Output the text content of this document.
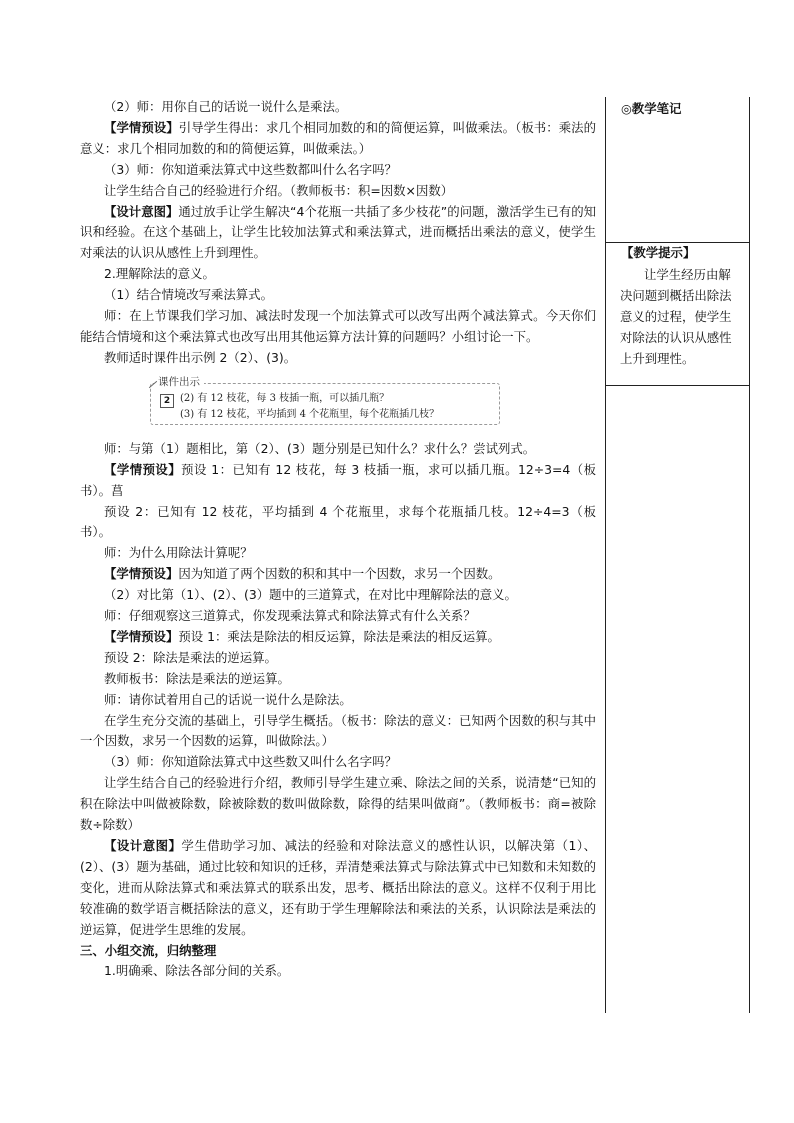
◎教学笔记
【教学提示】

让学生经历由解决问题到概括出除法意义的过程，使学生对除法的认识从感性上升到理性。

（2）师：用你自己的话说一说什么是乘法。

【学情预设】引导学生得出：求几个相同加数的和的简便运算，叫做乘法。（板书：乘法的意义：求几个相同加数的和的简便运算，叫做乘法。）

（3）师：你知道乘法算式中这些数都叫什么名字吗？

让学生结合自己的经验进行介绍。（教师板书：积=因数×因数）

【设计意图】通过放手让学生解决“4个花瓶一共插了多少枝花”的问题，激活学生已有的知识和经验。在这个基础上，让学生比较加法算式和乘法算式，进而概括出乘法的意义，使学生对乘法的认识从感性上升到理性。

2.理解除法的意义。

（1）结合情境改写乘法算式。

师：在上节课我们学习加、减法时发现一个加法算式可以改写出两个减法算式。今天你们能结合情境和这个乘法算式也改写出用其他运算方法计算的问题吗？小组讨论一下。

教师适时课件出示例 2（2）、(3)。

课件出示
2 (2) 有 12 枝花，每 3 枝插一瓶，可以插几瓶？
(3) 有 12 枝花，平均插到 4 个花瓶里，每个花瓶插几枝？

师：与第（1）题相比，第（2）、(3）题分别是已知什么？求什么？尝试列式。

【学情预设】预设 1：已知有 12 枝花，每 3 枝插一瓶，求可以插几瓶。12÷3=4（板书）。菖

预设 2：已知有 12 枝花，平均插到 4 个花瓶里，求每个花瓶插几枝。12÷4=3（板书）。

师：为什么用除法计算呢？

【学情预设】因为知道了两个因数的积和其中一个因数，求另一个因数。

（2）对比第（1）、(2）、(3）题中的三道算式，在对比中理解除法的意义。

师：仔细观察这三道算式，你发现乘法算式和除法算式有什么关系？

【学情预设】预设 1：乘法是除法的相反运算，除法是乘法的相反运算。

预设 2：除法是乘法的逆运算。

教师板书：除法是乘法的逆运算。

师：请你试着用自己的话说一说什么是除法。

在学生充分交流的基础上，引导学生概括。（板书：除法的意义：已知两个因数的积与其中一个因数，求另一个因数的运算，叫做除法。）

（3）师：你知道除法算式中这些数又叫什么名字吗？

让学生结合自己的经验进行介绍，教师引导学生建立乘、除法之间的关系，说清楚“已知的积在除法中叫做被除数，除被除数的数叫做除数，除得的结果叫做商”。（教师板书：商=被除数÷除数）

【设计意图】学生借助学习加、减法的经验和对除法意义的感性认识，以解决第（1）、(2）、(3）题为基础，通过比较和知识的迁移，弄清楚乘法算式与除法算式中已知数和未知数的变化，进而从除法算式和乘法算式的联系出发，思考、概括出除法的意义。这样不仅利于用比较准确的数学语言概括除法的意义，还有助于学生理解除法和乘法的关系，认识除法是乘法的逆运算，促进学生思维的发展。

三、小组交流，归纳整理

1.明确乘、除法各部分间的关系。
